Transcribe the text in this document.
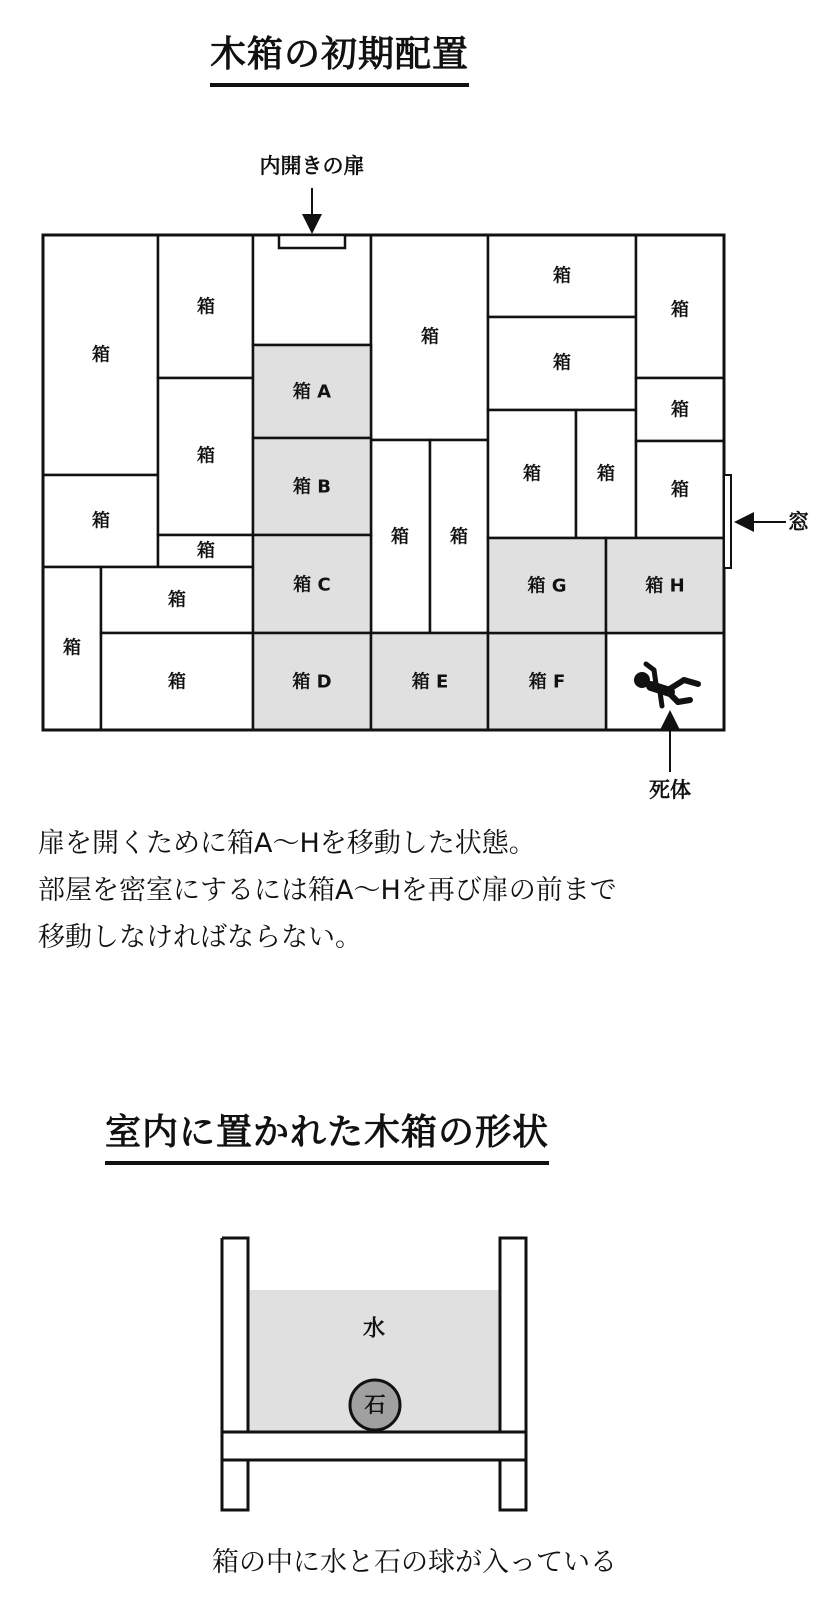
木箱の初期配置
室内に置かれた木箱の形状
箱
箱
箱
箱
箱
箱
箱
箱
箱
箱 箱
箱
箱
箱	箱
箱
箱
箱
箱 A
箱 B
箱 C
箱 D	箱 E	箱 F
箱 G	箱 H
内開きの扉
窓
死体
石
水
扉を開くために箱A〜Hを移動した状態。
部屋を密室にするには箱A〜Hを再び扉の前まで
移動しなければならない。
箱の中に水と石の球が入っている
